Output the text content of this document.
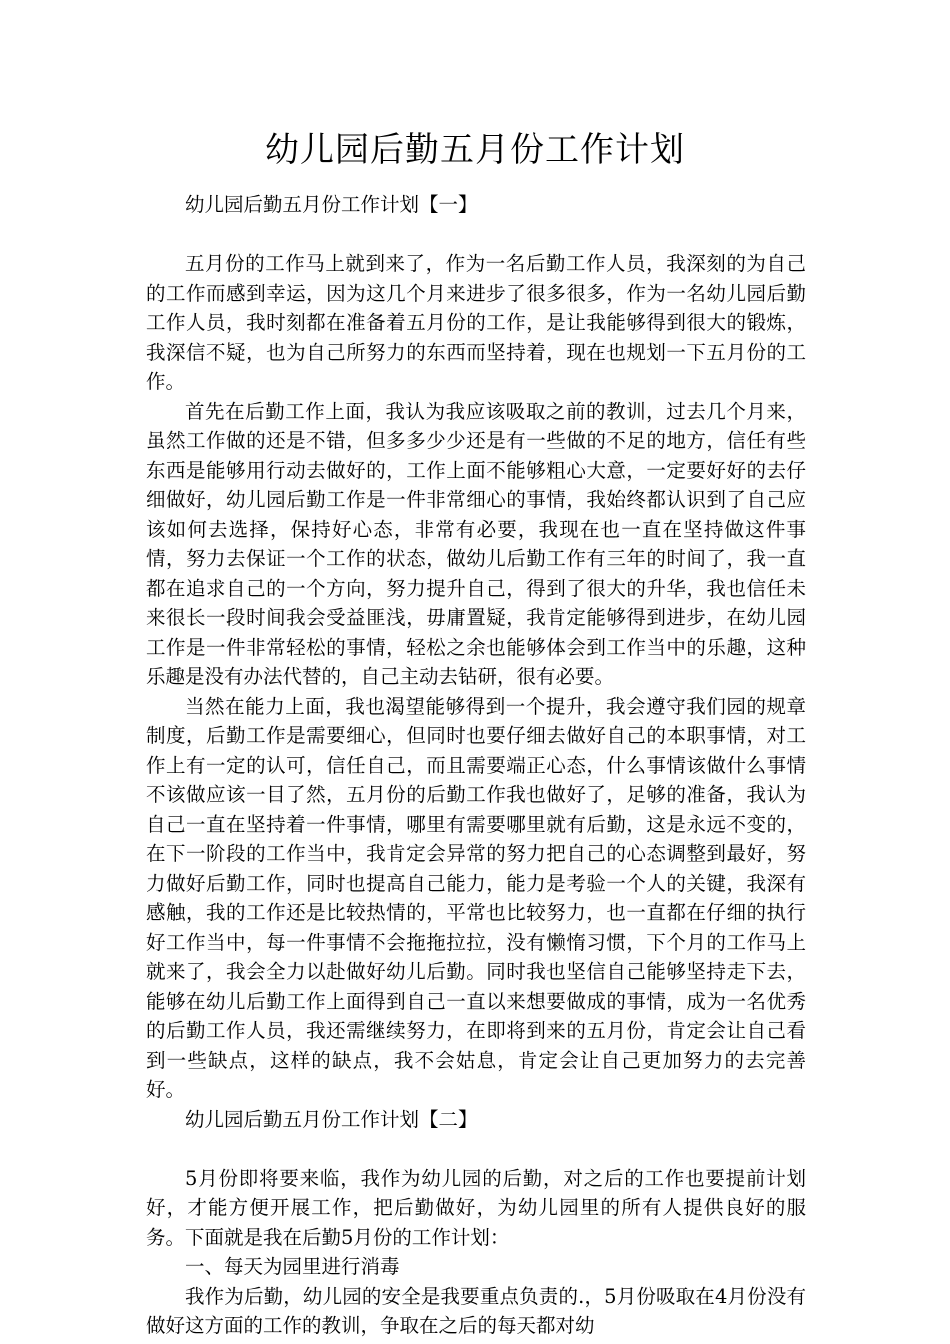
幼儿园后勤五月份工作计划

幼儿园后勤五月份工作计划【一】

五月份的工作马上就到来了，作为一名后勤工作人员，我深刻的为自己的工作而感到幸运，因为这几个月来进步了很多很多，作为一名幼儿园后勤工作人员，我时刻都在准备着五月份的工作，是让我能够得到很大的锻炼，我深信不疑，也为自己所努力的东西而坚持着，现在也规划一下五月份的工作。

首先在后勤工作上面，我认为我应该吸取之前的教训，过去几个月来，虽然工作做的还是不错，但多多少少还是有一些做的不足的地方，信任有些东西是能够用行动去做好的，工作上面不能够粗心大意，一定要好好的去仔细做好，幼儿园后勤工作是一件非常细心的事情，我始终都认识到了自己应该如何去选择，保持好心态，非常有必要，我现在也一直在坚持做这件事情，努力去保证一个工作的状态，做幼儿后勤工作有三年的时间了，我一直都在追求自己的一个方向，努力提升自己，得到了很大的升华，我也信任未来很长一段时间我会受益匪浅，毋庸置疑，我肯定能够得到进步，在幼儿园工作是一件非常轻松的事情，轻松之余也能够体会到工作当中的乐趣，这种乐趣是没有办法代替的，自己主动去钻研，很有必要。

当然在能力上面，我也渴望能够得到一个提升，我会遵守我们园的规章制度，后勤工作是需要细心，但同时也要仔细去做好自己的本职事情，对工作上有一定的认可，信任自己，而且需要端正心态，什么事情该做什么事情不该做应该一目了然，五月份的后勤工作我也做好了，足够的准备，我认为自己一直在坚持着一件事情，哪里有需要哪里就有后勤，这是永远不变的，在下一阶段的工作当中，我肯定会异常的努力把自己的心态调整到最好，努力做好后勤工作，同时也提高自己能力，能力是考验一个人的关键，我深有感触，我的工作还是比较热情的，平常也比较努力，也一直都在仔细的执行好工作当中，每一件事情不会拖拖拉拉，没有懒惰习惯，下个月的工作马上就来了，我会全力以赴做好幼儿后勤。同时我也坚信自己能够坚持走下去，能够在幼儿后勤工作上面得到自己一直以来想要做成的事情，成为一名优秀的后勤工作人员，我还需继续努力，在即将到来的五月份，肯定会让自己看到一些缺点，这样的缺点，我不会姑息，肯定会让自己更加努力的去完善好。

幼儿园后勤五月份工作计划【二】

5月份即将要来临，我作为幼儿园的后勤，对之后的工作也要提前计划好，才能方便开展工作，把后勤做好，为幼儿园里的所有人提供良好的服务。下面就是我在后勤5月份的工作计划：

一、每天为园里进行消毒

我作为后勤，幼儿园的安全是我要重点负责的.，5月份吸取在4月份没有做好这方面的工作的教训，争取在之后的每天都对幼
